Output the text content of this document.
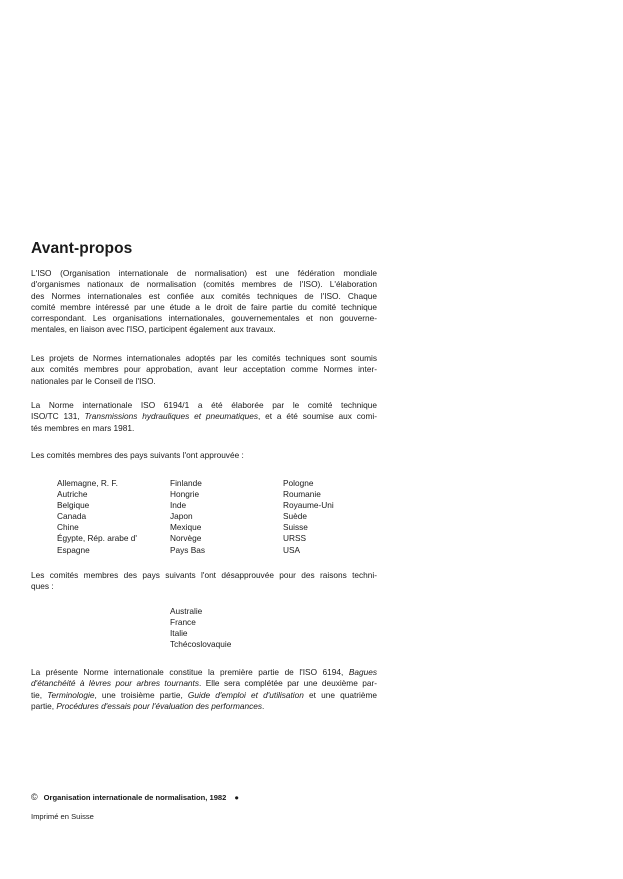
Avant-propos

L'ISO (Organisation internationale de normalisation) est une fédération mondiale
d'organismes nationaux de normalisation (comités membres de l'ISO). L'élaboration
des Normes internationales est confiée aux comités techniques de l'ISO. Chaque
comité membre intéressé par une étude a le droit de faire partie du comité technique
correspondant. Les organisations internationales, gouvernementales et non gouverne-
mentales, en liaison avec l'ISO, participent également aux travaux.

Les projets de Normes internationales adoptés par les comités techniques sont soumis
aux comités membres pour approbation, avant leur acceptation comme Normes inter-
nationales par le Conseil de l'ISO.

La Norme internationale ISO 6194/1 a été élaborée par le comité technique
ISO/TC 131, Transmissions hydrauliques et pneumatiques, et a été soumise aux comi-
tés membres en mars 1981.

Les comités membres des pays suivants l'ont approuvée :

Allemagne, R. F.
Autriche
Belgique
Canada
Chine
Égypte, Rép. arabe d'
Espagne
Finlande
Hongrie
Inde
Japon
Mexique
Norvège
Pays Bas
Pologne
Roumanie
Royaume-Uni
Suède
Suisse
URSS
USA

Les comités membres des pays suivants l'ont désapprouvée pour des raisons techni-
ques :

Australie
France
Italie
Tchécoslovaquie

La présente Norme internationale constitue la première partie de l'ISO 6194, Bagues
d'étanchéité à lèvres pour arbres tournants. Elle sera complétée par une deuxième par-
tie, Terminologie, une troisième partie, Guide d'emploi et d'utilisation et une quatrième
partie, Procédures d'essais pour l'évaluation des performances.

© Organisation internationale de normalisation, 1982 ●
Imprimé en Suisse
